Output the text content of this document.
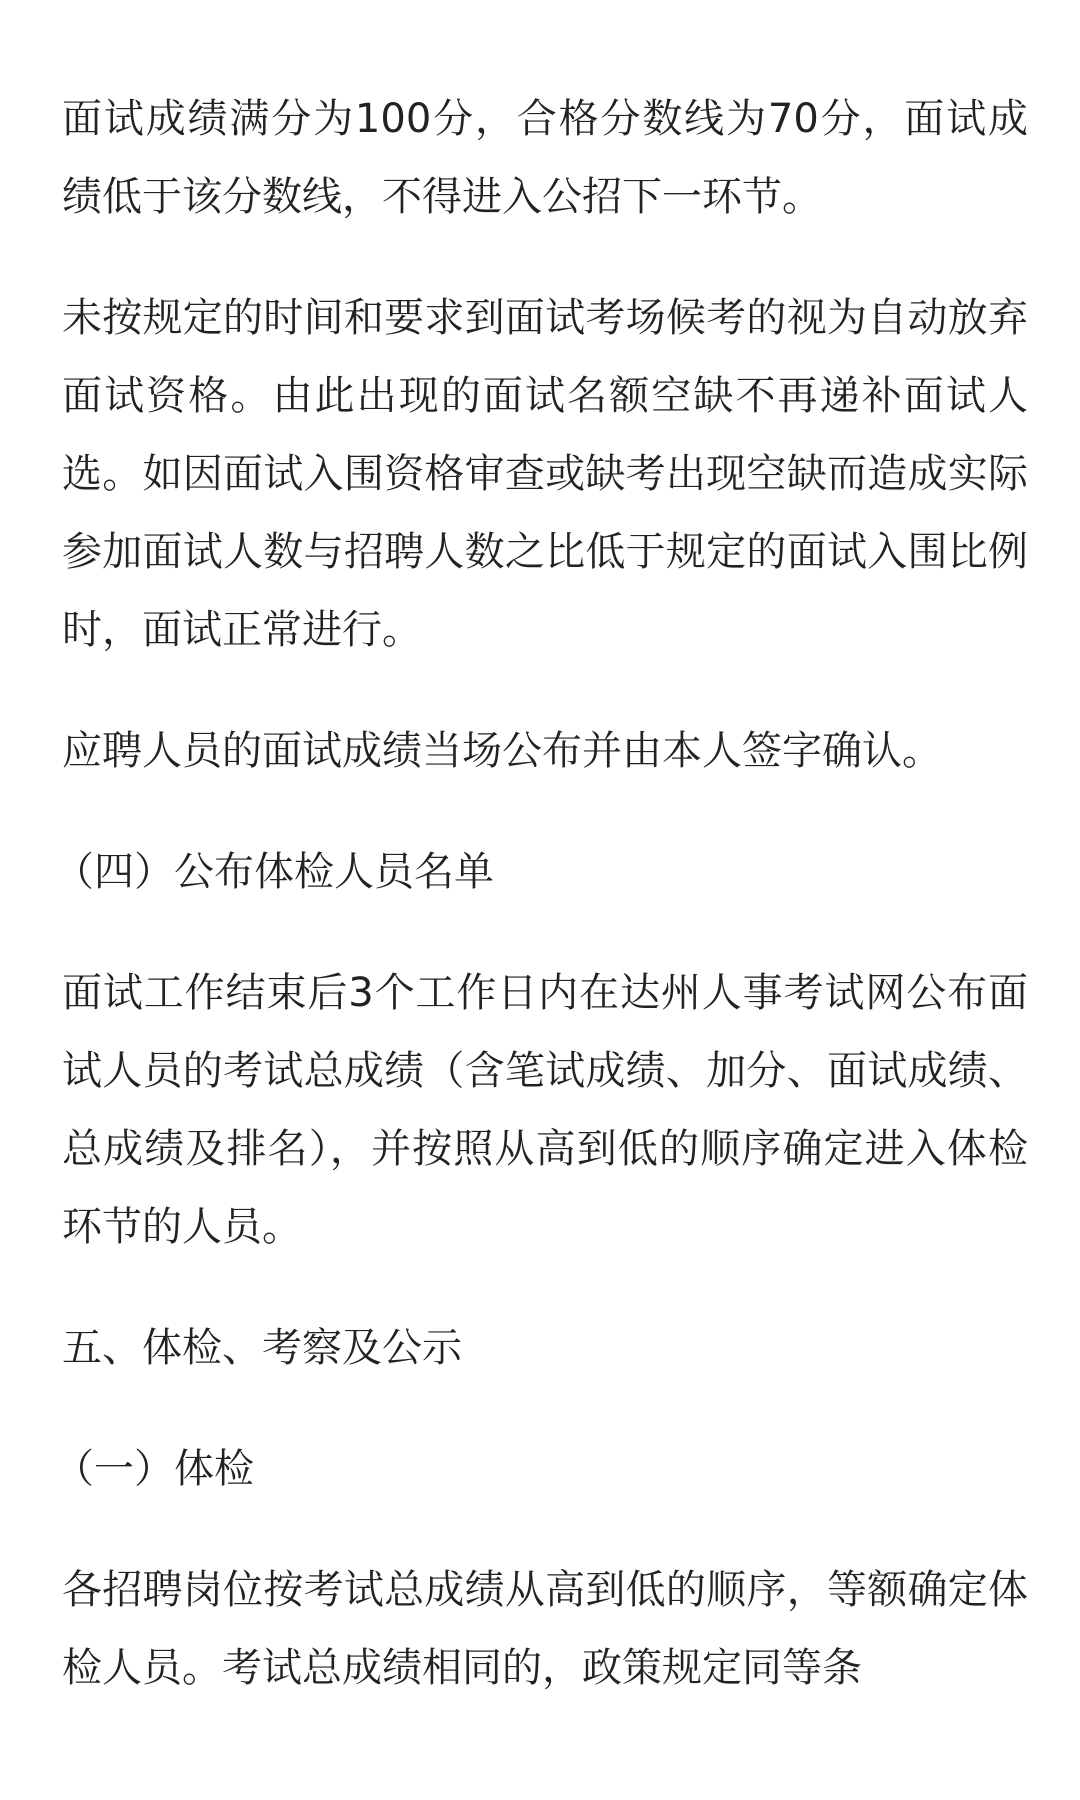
面试成绩满分为100分，合格分数线为70分，面试成绩低于该分数线，不得进入公招下一环节。

未按规定的时间和要求到面试考场候考的视为自动放弃面试资格。由此出现的面试名额空缺不再递补面试人选。如因面试入围资格审查或缺考出现空缺而造成实际参加面试人数与招聘人数之比低于规定的面试入围比例时，面试正常进行。

应聘人员的面试成绩当场公布并由本人签字确认。

（四）公布体检人员名单

面试工作结束后3个工作日内在达州人事考试网公布面试人员的考试总成绩（含笔试成绩、加分、面试成绩、总成绩及排名），并按照从高到低的顺序确定进入体检环节的人员。

五、体检、考察及公示

（一）体检

各招聘岗位按考试总成绩从高到低的顺序，等额确定体检人员。考试总成绩相同的，政策规定同等条
